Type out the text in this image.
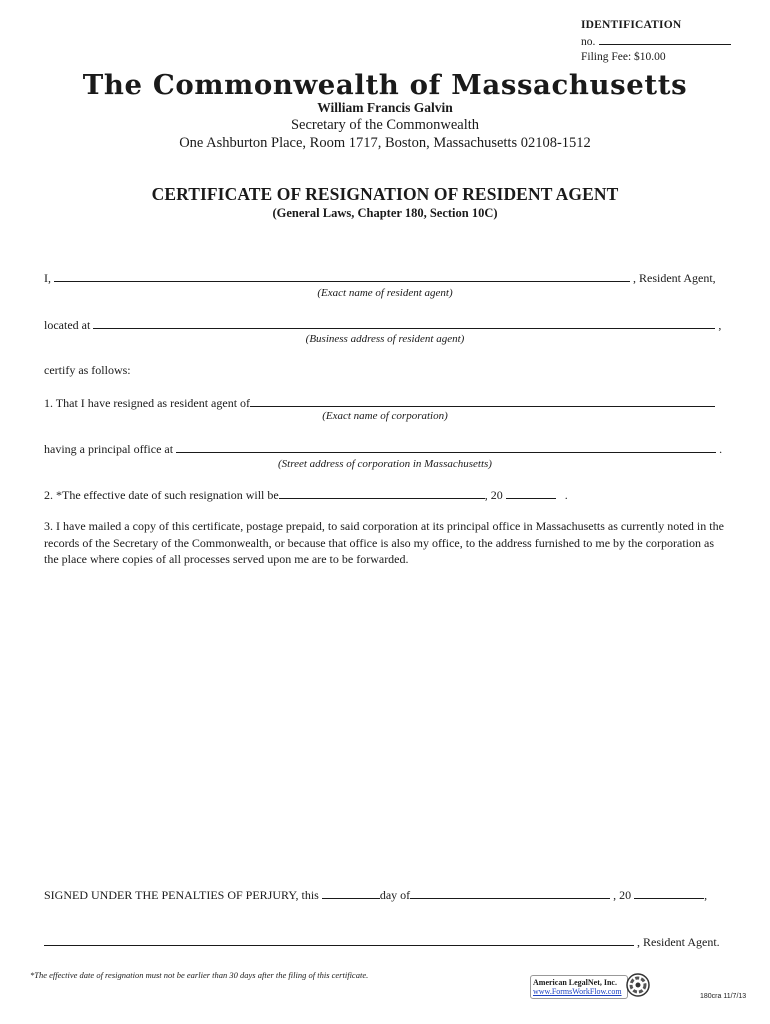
IDENTIFICATION
no.
Filing Fee: $10.00
The Commonwealth of Massachusetts
William Francis Galvin
Secretary of the Commonwealth
One Ashburton Place, Room 1717, Boston, Massachusetts 02108-1512
CERTIFICATE OF RESIGNATION OF RESIDENT AGENT
(General Laws, Chapter 180, Section 10C)
I,	, Resident Agent,
(Exact name of resident agent)
located at	,
(Business address of resident agent)
certify as follows:
1. That I have resigned as resident agent of
(Exact name of corporation)
having a principal office at	.
(Street address of corporation in Massachusetts)
2. *The effective date of such resignation will be	, 20	.
3. I have mailed a copy of this certificate, postage prepaid, to said corporation at its principal office in Massachusetts as currently noted in the records of the Secretary of the Commonwealth, or because that office is also my office, to the address furnished to me by the corporation as the place where copies of all processes served upon me are to be forwarded.
SIGNED UNDER THE PENALTIES OF PERJURY, this	day of	, 20	,
, Resident Agent.
*The effective date of resignation must not be earlier than 30 days after the filing of this certificate.
American LegalNet, Inc.
www.FormsWorkFlow.com
180cra 11/7/13
